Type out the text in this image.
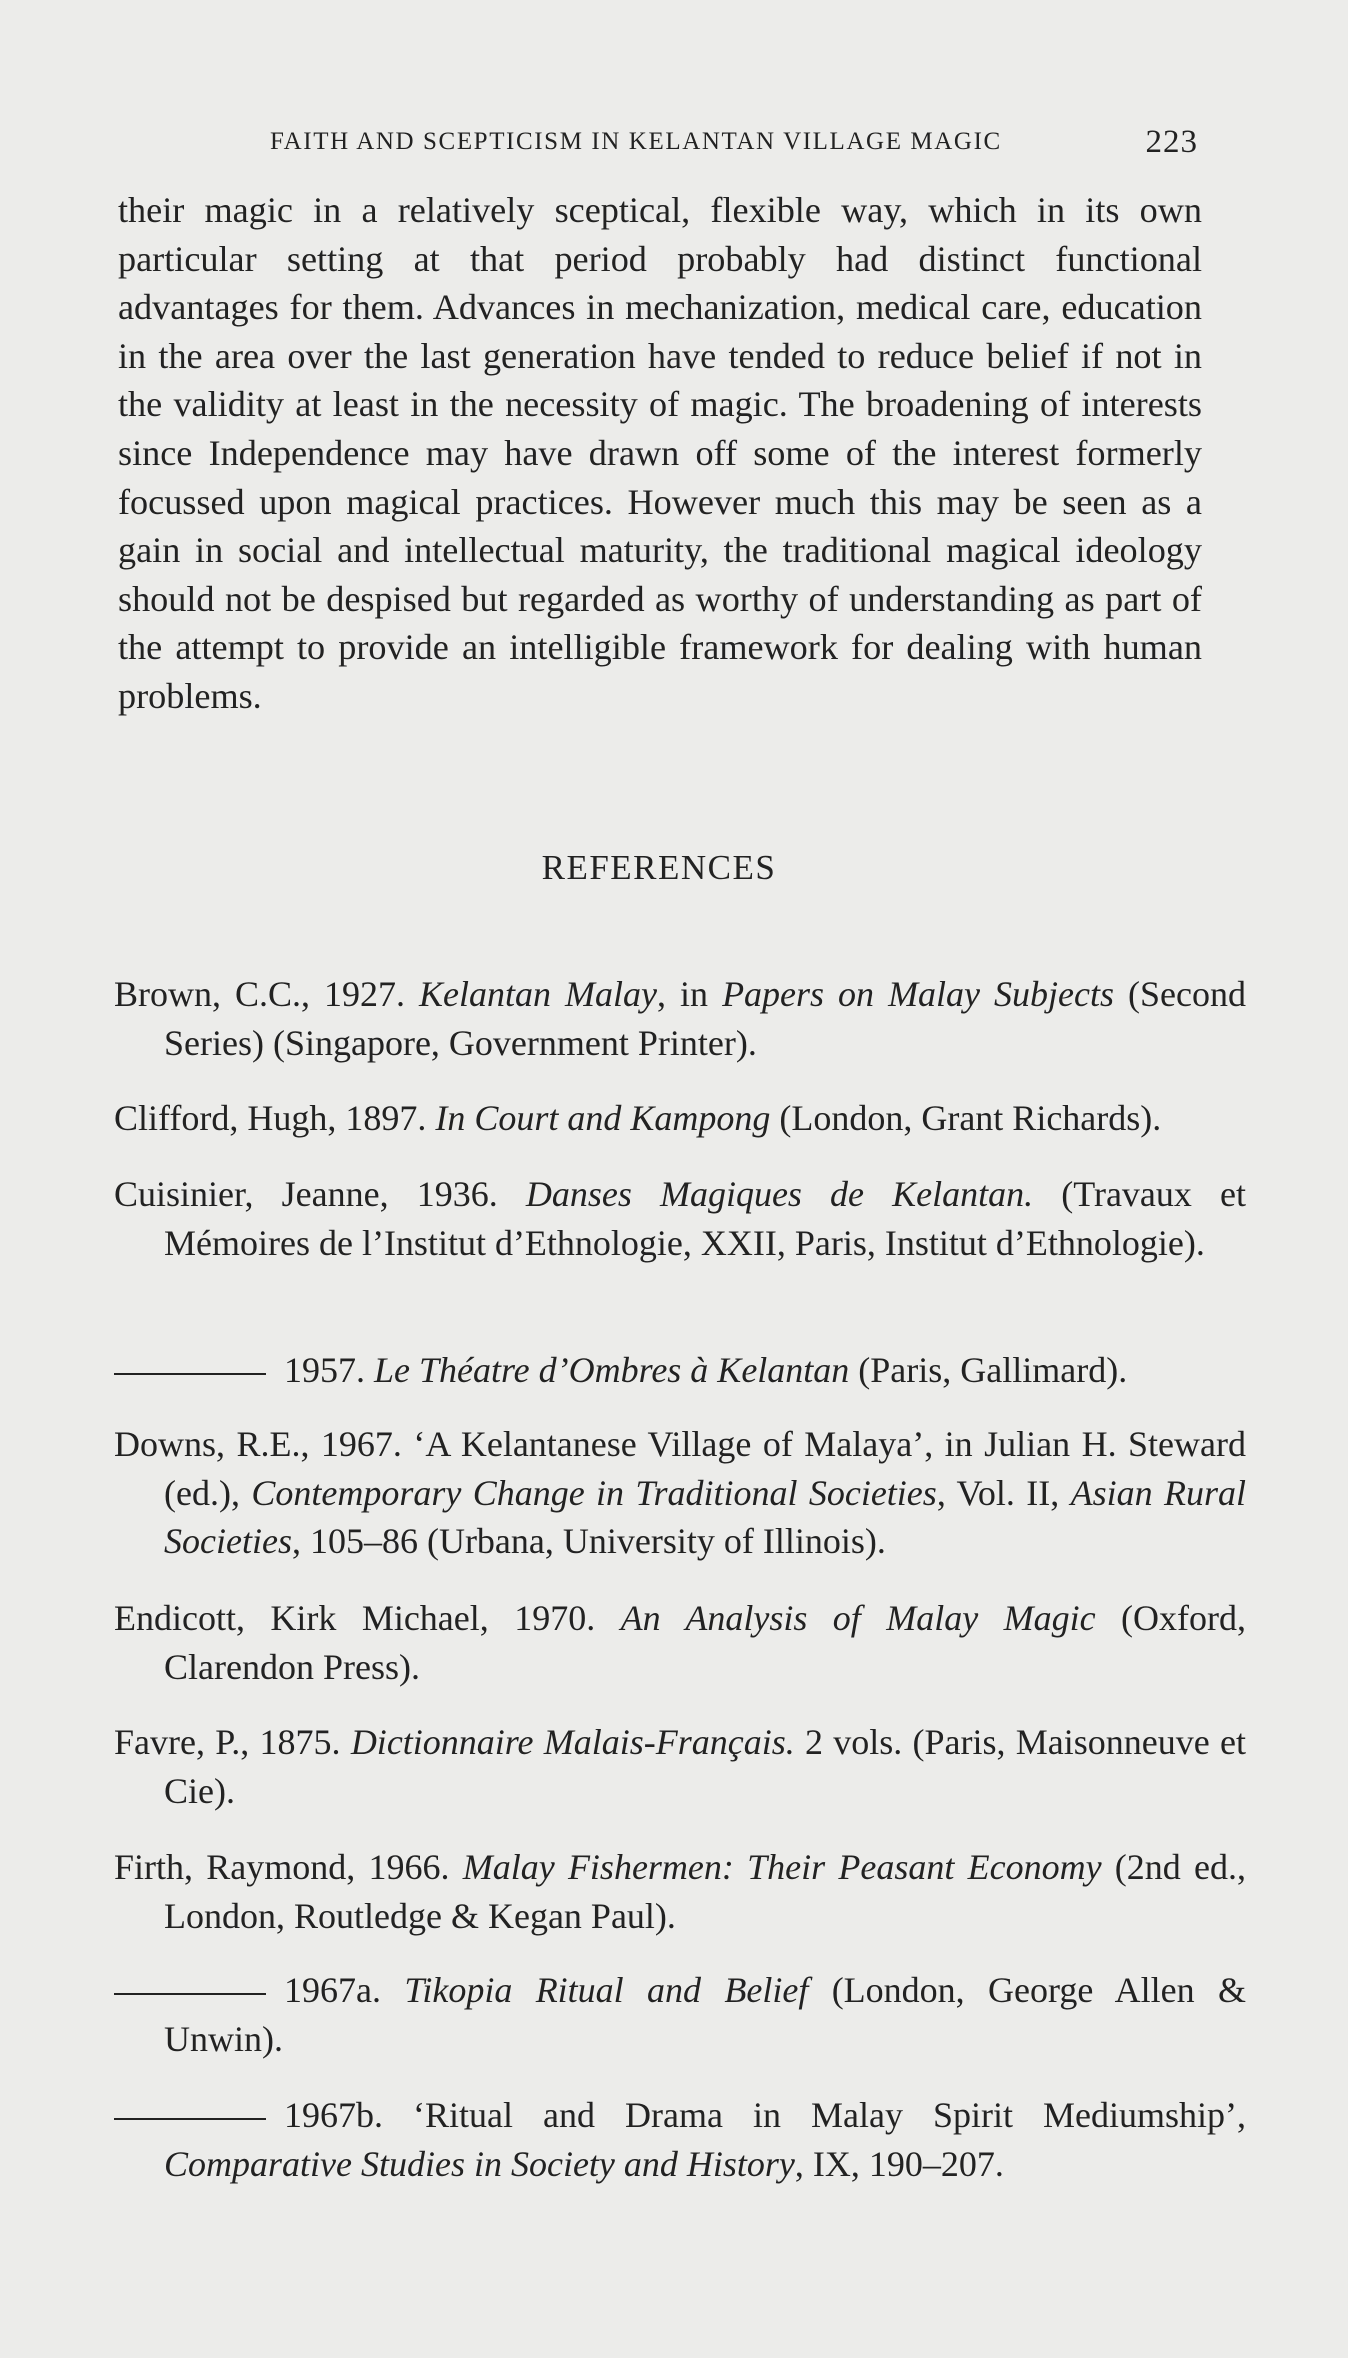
FAITH AND SCEPTICISM IN KELANTAN VILLAGE MAGIC	223

their magic in a relatively sceptical, flexible way, which in its own particular setting at that period probably had distinct functional advantages for them. Advances in mechanization, medical care, education in the area over the last generation have tended to reduce belief if not in the validity at least in the necessity of magic. The broadening of interests since Independence may have drawn off some of the interest formerly focussed upon magical practices. However much this may be seen as a gain in social and intellectual maturity, the traditional magical ideology should not be despised but regarded as worthy of understanding as part of the attempt to provide an intelligible framework for dealing with human problems.

REFERENCES

Brown, C.C., 1927. Kelantan Malay, in Papers on Malay Subjects (Second Series) (Singapore, Government Printer).

Clifford, Hugh, 1897. In Court and Kampong (London, Grant Richards).

Cuisinier, Jeanne, 1936. Danses Magiques de Kelantan. (Travaux et Mémoires de l’Institut d’Ethnologie, XXII, Paris, Institut d’Ethnologie).

1957. Le Théatre d’Ombres à Kelantan (Paris, Gallimard).

Downs, R.E., 1967. ‘A Kelantanese Village of Malaya’, in Julian H. Steward (ed.), Contemporary Change in Traditional Societies, Vol. II, Asian Rural Societies, 105–86 (Urbana, University of Illinois).

Endicott, Kirk Michael, 1970. An Analysis of Malay Magic (Oxford, Clarendon Press).

Favre, P., 1875. Dictionnaire Malais-Français. 2 vols. (Paris, Maisonneuve et Cie).

Firth, Raymond, 1966. Malay Fishermen: Their Peasant Economy (2nd ed., London, Routledge & Kegan Paul).

1967a. Tikopia Ritual and Belief (London, George Allen & Unwin).

1967b. ‘Ritual and Drama in Malay Spirit Mediumship’, Comparative Studies in Society and History, IX, 190–207.
